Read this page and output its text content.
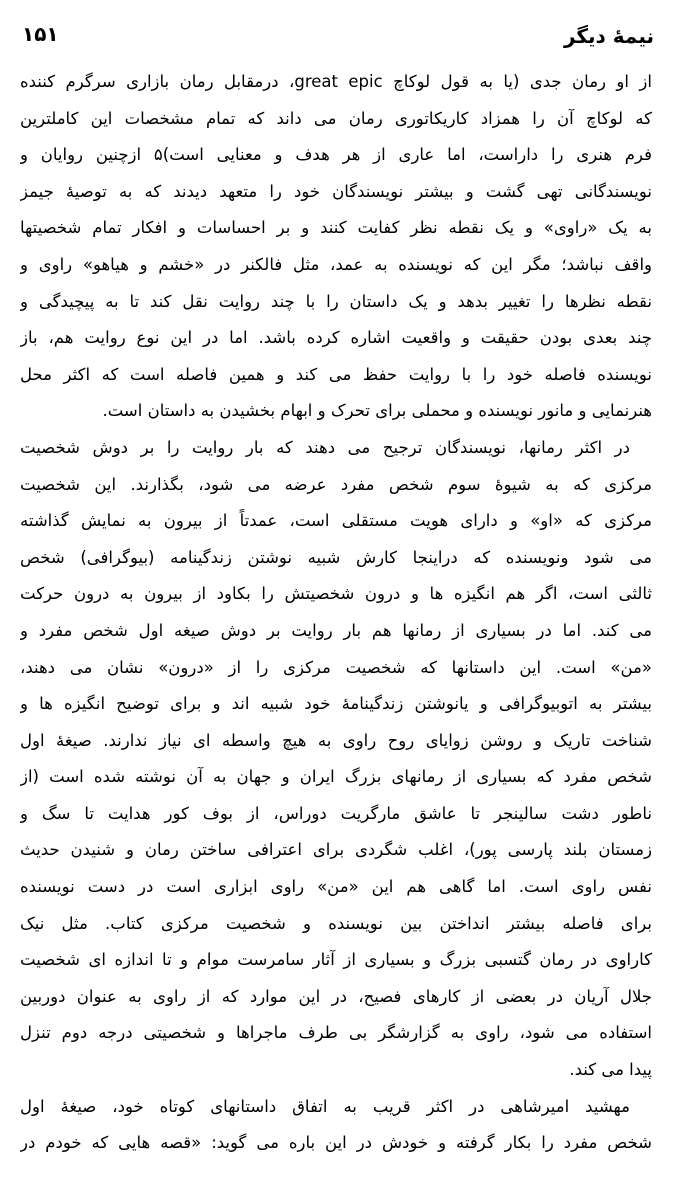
۱۵۱	نیمهٔ دیگر
از او رمان جدی (یا به قول لوکاچ great epic، درمقابل رمان بازاری سرگرم کننده
که لوکاچ آن را همزاد کاریکاتوری رمان می داند که تمام مشخصات این کاملترین
فرم هنری را داراست، اما عاری از هر هدف و معنایی است)۵ ازچنین روایان و
نویسندگانی تهی گشت و بیشتر نویسندگان خود را متعهد دیدند که به توصیهٔ جیمز
به یک «راوی» و یک نقطه نظر کفایت کنند و بر احساسات و افکار تمام شخصیتها
واقف نباشد؛ مگر این که نویسنده به عمد، مثل فالکنر در «خشم و هیاهو» راوی و
نقطه نظرها را تغییر بدهد و یک داستان را با چند روایت نقل کند تا به پیچیدگی و
چند بعدی بودن حقیقت و واقعیت اشاره کرده باشد. اما در این نوع روایت هم، باز
نویسنده فاصله خود را با روایت حفظ می کند و همین فاصله است که اکثر محل
هنرنمایی و مانور نویسنده و محملی برای تحرک و ابهام بخشیدن به داستان است.
در اکثر رمانها، نویسندگان ترجیح می دهند که بار روایت را بر دوش شخصیت
مرکزی که به شیوهٔ سوم شخص مفرد عرضه می شود، بگذارند. این شخصیت
مرکزی که «او» و دارای هویت مستقلی است، عمدتاً از بیرون به نمایش گذاشته
می شود ونویسنده که دراینجا کارش شبیه نوشتن زندگینامه (بیوگرافی) شخص
ثالثی است، اگر هم انگیزه ها و درون شخصیتش را بکاود از بیرون به درون حرکت
می کند. اما در بسیاری از رمانها هم بار روایت بر دوش صیغه اول شخص مفرد و
«من» است. این داستانها که شخصیت مرکزی را از «درون» نشان می دهند،
بیشتر به اتوبیوگرافی و یانوشتن زندگینامهٔ خود شبیه اند و برای توضیح انگیزه ها و
شناخت تاریک و روشن زوایای روح راوی به هیچ واسطه ای نیاز ندارند. صیغهٔ اول
شخص مفرد که بسیاری از رمانهای بزرگ ایران و جهان به آن نوشته شده است (از
ناطور دشت سالینجر تا عاشق مارگریت دوراس، از بوف کور هدایت تا سگ و
زمستان بلند پارسی پور)، اغلب شگردی برای اعترافی ساختن رمان و شنیدن حدیث
نفس راوی است. اما گاهی هم این «من» راوی ابزاری است در دست نویسنده
برای فاصله بیشتر انداختن بین نویسنده و شخصیت مرکزی کتاب. مثل نیک
کاراوی در رمان گتسبی بزرگ و بسیاری از آثار سامرست موام و تا اندازه ای شخصیت
جلال آریان در بعضی از کارهای فصیح، در این موارد که از راوی به عنوان دوربین
استفاده می شود، راوی به گزارشگر بی طرف ماجراها و شخصیتی درجه دوم تنزل
پیدا می کند.
مهشید امیرشاهی در اکثر قریب به اتفاق داستانهای کوتاه خود، صیغهٔ اول
شخص مفرد را بکار گرفته و خودش در این باره می گوید: «قصه هایی که خودم در
